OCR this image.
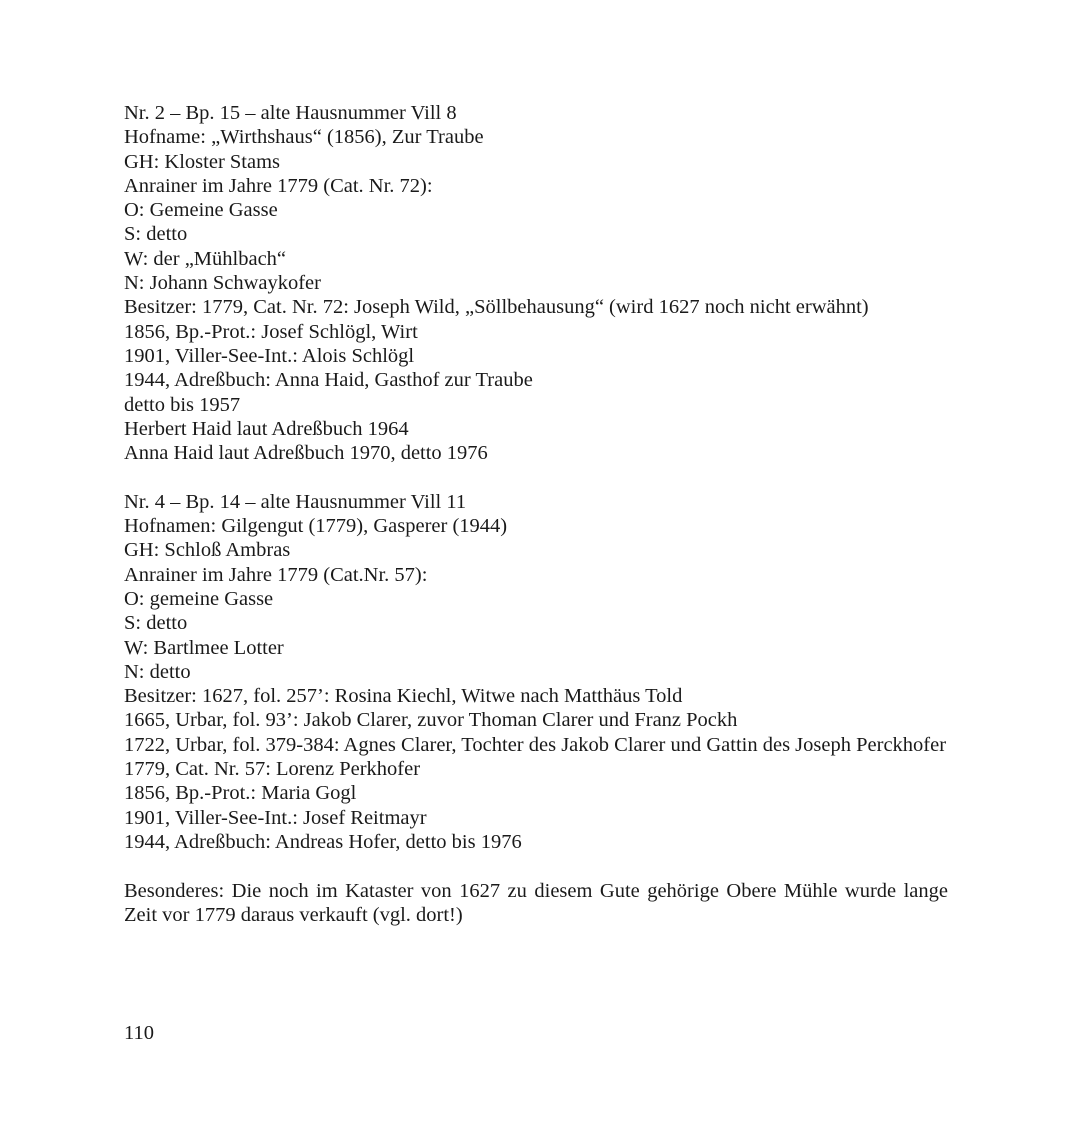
Nr. 2 – Bp. 15 – alte Hausnummer Vill 8
Hofname: „Wirthshaus“ (1856), Zur Traube
GH: Kloster Stams
Anrainer im Jahre 1779 (Cat. Nr. 72):
O: Gemeine Gasse
S: detto
W: der „Mühlbach“
N: Johann Schwaykofer
Besitzer: 1779, Cat. Nr. 72: Joseph Wild, „Söllbehausung“ (wird 1627 noch nicht erwähnt)
1856, Bp.-Prot.: Josef Schlögl, Wirt
1901, Viller-See-Int.: Alois Schlögl
1944, Adreßbuch: Anna Haid, Gasthof zur Traube
detto bis 1957
Herbert Haid laut Adreßbuch 1964
Anna Haid laut Adreßbuch 1970, detto 1976
Nr. 4 – Bp. 14 – alte Hausnummer Vill 11
Hofnamen: Gilgengut (1779), Gasperer (1944)
GH: Schloß Ambras
Anrainer im Jahre 1779 (Cat.Nr. 57):
O: gemeine Gasse
S: detto
W: Bartlmee Lotter
N: detto
Besitzer: 1627, fol. 257’: Rosina Kiechl, Witwe nach Matthäus Told
1665, Urbar, fol. 93’: Jakob Clarer, zuvor Thoman Clarer und Franz Pockh
1722, Urbar, fol. 379-384: Agnes Clarer, Tochter des Jakob Clarer und Gattin des Joseph Perckhofer
1779, Cat. Nr. 57: Lorenz Perkhofer
1856, Bp.-Prot.: Maria Gogl
1901, Viller-See-Int.: Josef Reitmayr
1944, Adreßbuch: Andreas Hofer, detto bis 1976
Besonderes: Die noch im Kataster von 1627 zu diesem Gute gehörige Obere Mühle wurde lange Zeit vor 1779 daraus verkauft (vgl. dort!)
110
